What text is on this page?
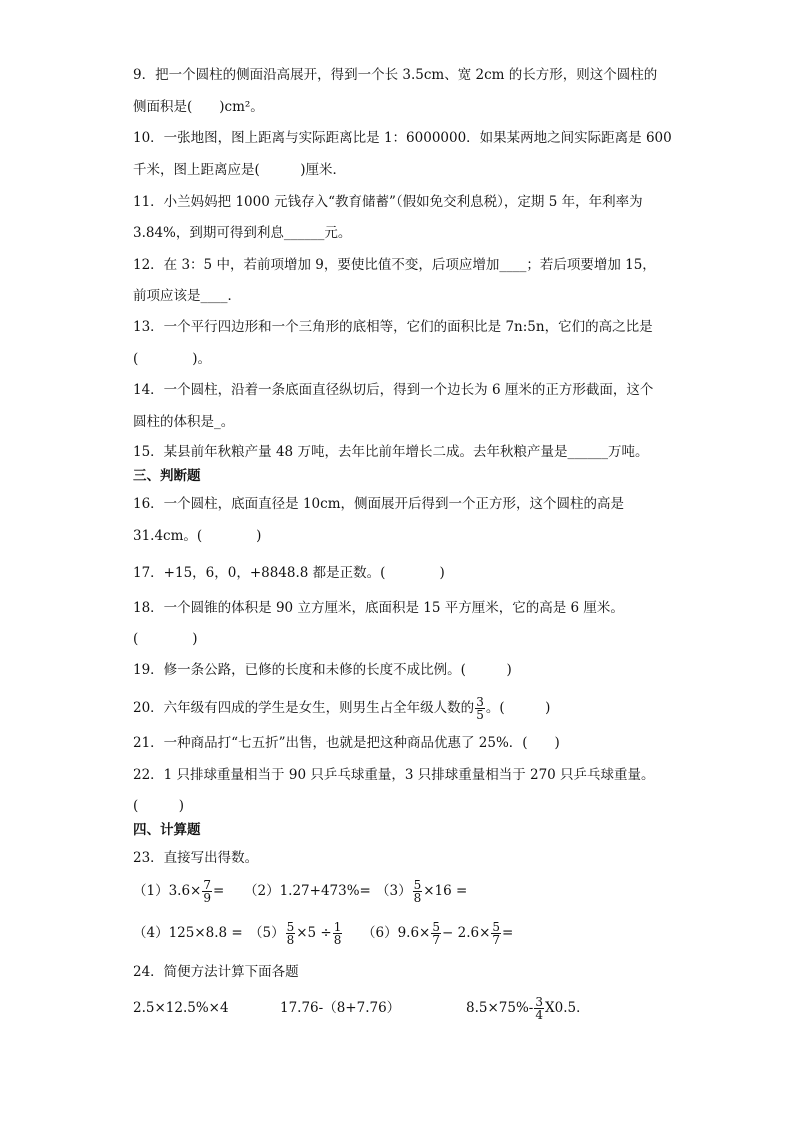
9．把一个圆柱的侧面沿高展开，得到一个长 3.5cm、宽 2cm 的长方形，则这个圆柱的
侧面积是(　　)cm²。
10．一张地图，图上距离与实际距离比是 1：6000000．如果某两地之间实际距离是 600
千米，图上距离应是(　　　)厘米．
11．小兰妈妈把 1000 元钱存入“教育储蓄”（假如免交利息税），定期 5 年，年利率为
3.84%，到期可得到利息______元。
12．在 3：5 中，若前项增加 9，要使比值不变，后项应增加____；若后项要增加 15，
前项应该是____．
13．一个平行四边形和一个三角形的底相等，它们的面积比是 7n:5n，它们的高之比是
(　　　　)。
14．一个圆柱，沿着一条底面直径纵切后，得到一个边长为 6 厘米的正方形截面，这个
圆柱的体积是_。
15．某县前年秋粮产量 48 万吨，去年比前年增长二成。去年秋粮产量是______万吨。
三、判断题
16．一个圆柱，底面直径是 10cm，侧面展开后得到一个正方形，这个圆柱的高是
31.4cm。(　　　　)
17．+15，6，0，+8848.8 都是正数。(　　　　)
18．一个圆锥的体积是 90 立方厘米，底面积是 15 平方厘米，它的高是 6 厘米。
(　　　　)
19．修一条公路，已修的长度和未修的长度不成比例。(　　　)
20．六年级有四成的学生是女生，则男生占全年级人数的 $\frac{3}{5}$ 。(　　　)
21．一种商品打“七五折”出售，也就是把这种商品优惠了 25%．(　　)
22．1 只排球重量相当于 90 只乒乓球重量，3 只排球重量相当于 270 只乒乓球重量。
(　　　)
四、计算题
23．直接写出得数。
$(1)3.6\times \frac{7}{9} = (2)1.27+473\%= (3) \frac{5}{8} \times 16$ =
$(4)125\times 8.8 = (5) \frac{5}{8} \times 5 \div \frac{1}{8} (6)9.6\times \frac{5}{7} - 2.6\times \frac{5}{7}$ =
24．简便方法计算下面各题
2.5×12.5%×4	17.76-（8+7.76）	$8.5\times 75\%- \frac{3}{4} X0.5$．
